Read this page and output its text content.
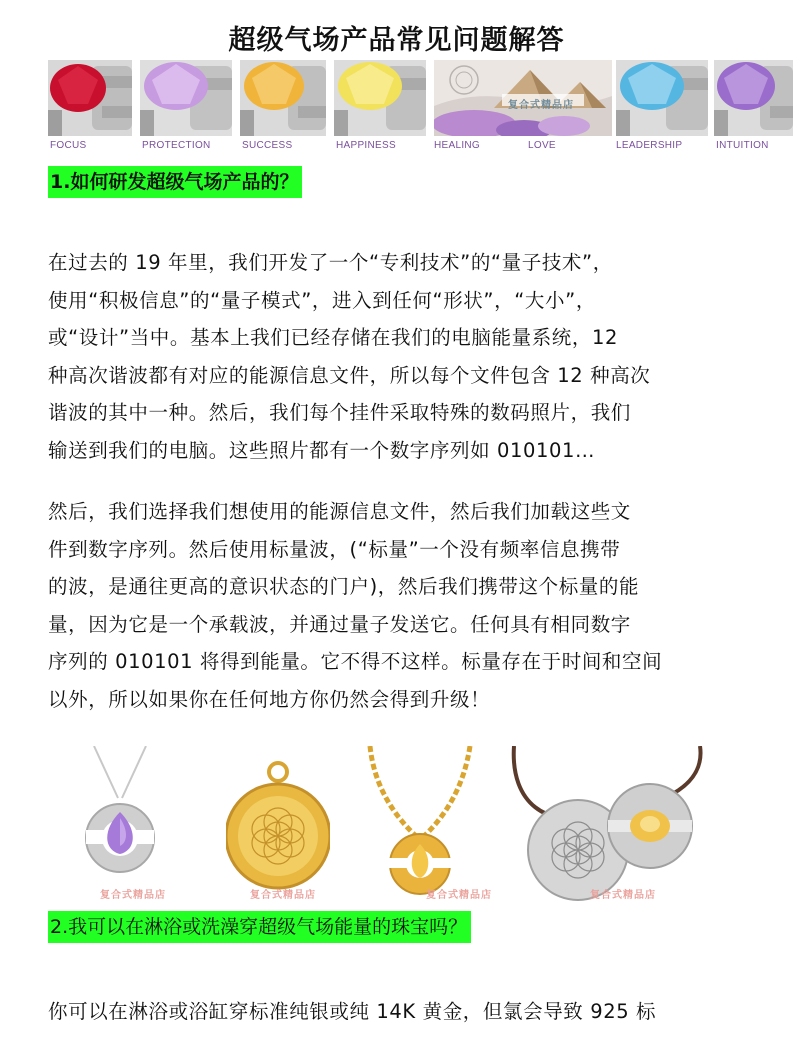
超级气场产品常见问题解答
FOCUS	PROTECTION	SUCCESS	HAPPINESS
复合式精品店
HEALING	LOVE	LEADERSHIP	INTUITION
1.如何研发超级气场产品的？
在过去的 19 年里，我们开发了一个“专利技术”的“量子技术”，
使用“积极信息”的“量子模式”，进入到任何“形状”，“大小”，
或“设计”当中。基本上我们已经存储在我们的电脑能量系统，12
种高次谐波都有对应的能源信息文件，所以每个文件包含 12 种高次
谐波的其中一种。然后，我们每个挂件采取特殊的数码照片，我们
输送到我们的电脑。这些照片都有一个数字序列如 010101…
然后，我们选择我们想使用的能源信息文件，然后我们加载这些文
件到数字序列。然后使用标量波，(“标量”一个没有频率信息携带
的波，是通往更高的意识状态的门户)，然后我们携带这个标量的能
量，因为它是一个承载波，并通过量子发送它。任何具有相同数字
序列的 010101 将得到能量。它不得不这样。标量存在于时间和空间
以外，所以如果你在任何地方你仍然会得到升级！
复合式精品店	复合式精品店	复合式精品店	复合式精品店
2.我可以在淋浴或洗澡穿超级气场能量的珠宝吗？
你可以在淋浴或浴缸穿标准纯银或纯 14K 黄金，但氯会导致 925 标
